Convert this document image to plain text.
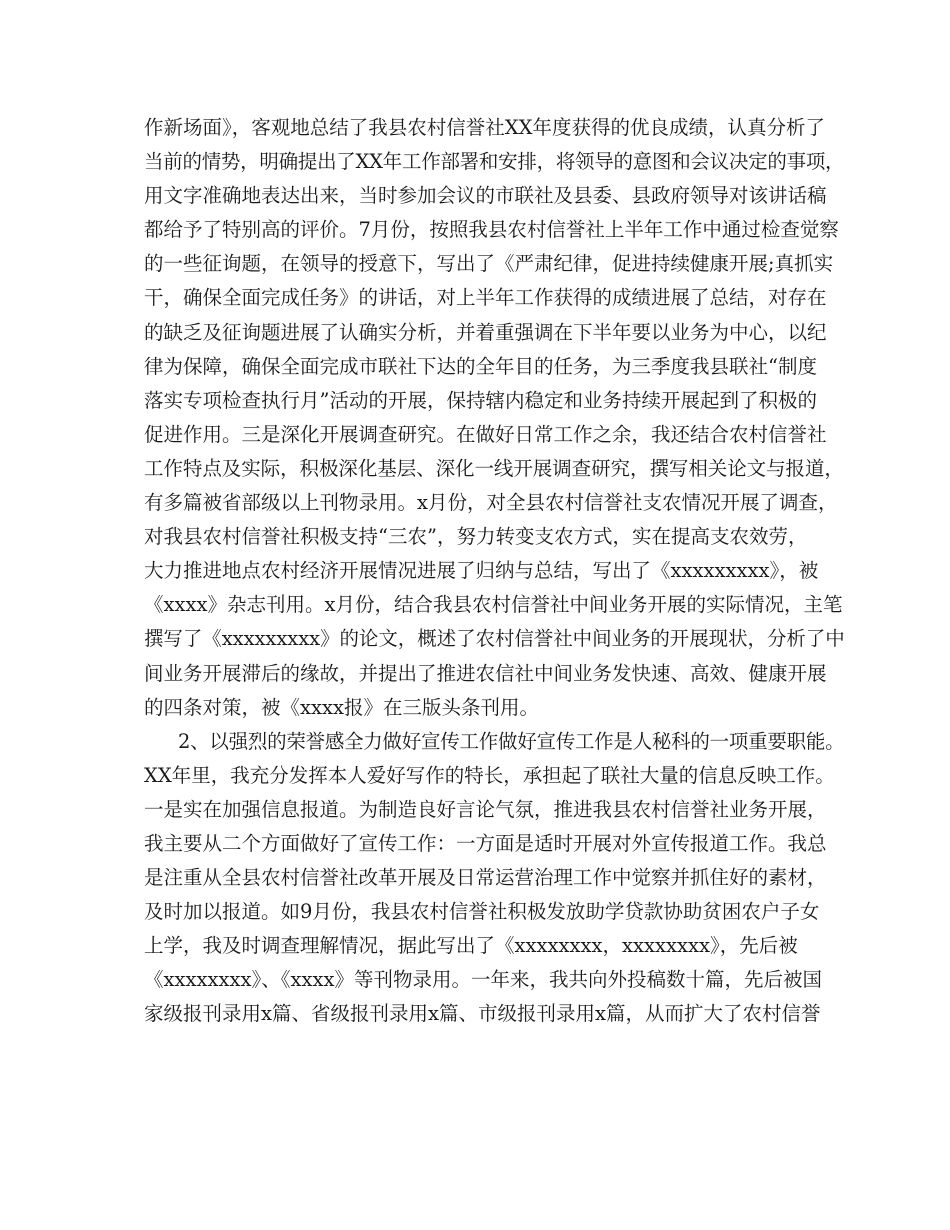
作新场面》，客观地总结了我县农村信誉社XX年度获得的优良成绩，认真分析了
当前的情势，明确提出了XX年工作部署和安排，将领导的意图和会议决定的事项，
用文字准确地表达出来，当时参加会议的市联社及县委、县政府领导对该讲话稿
都给予了特别高的评价。7月份，按照我县农村信誉社上半年工作中通过检查觉察
的一些征询题，在领导的授意下，写出了《严肃纪律，促进持续健康开展;真抓实
干，确保全面完成任务》的讲话，对上半年工作获得的成绩进展了总结，对存在
的缺乏及征询题进展了认确实分析，并着重强调在下半年要以业务为中心，以纪
律为保障，确保全面完成市联社下达的全年目的任务，为三季度我县联社“制度
落实专项检查执行月”活动的开展，保持辖内稳定和业务持续开展起到了积极的
促进作用。三是深化开展调查研究。在做好日常工作之余，我还结合农村信誉社
工作特点及实际，积极深化基层、深化一线开展调查研究，撰写相关论文与报道，
有多篇被省部级以上刊物录用。x月份，对全县农村信誉社支农情况开展了调查，
对我县农村信誉社积极支持“三农”，努力转变支农方式，实在提高支农效劳，
大力推进地点农村经济开展情况进展了归纳与总结，写出了《xxxxxxxxx》，被
《xxxx》杂志刊用。x月份，结合我县农村信誉社中间业务开展的实际情况，主笔
撰写了《xxxxxxxxx》的论文，概述了农村信誉社中间业务的开展现状，分析了中
间业务开展滞后的缘故，并提出了推进农信社中间业务发快速、高效、健康开展
的四条对策，被《xxxx报》在三版头条刊用。
2、以强烈的荣誉感全力做好宣传工作做好宣传工作是人秘科的一项重要职能。
XX年里，我充分发挥本人爱好写作的特长，承担起了联社大量的信息反映工作。
一是实在加强信息报道。为制造良好言论气氛，推进我县农村信誉社业务开展，
我主要从二个方面做好了宣传工作：一方面是适时开展对外宣传报道工作。我总
是注重从全县农村信誉社改革开展及日常运营治理工作中觉察并抓住好的素材，
及时加以报道。如9月份，我县农村信誉社积极发放助学贷款协助贫困农户子女
上学，我及时调查理解情况，据此写出了《xxxxxxxx，xxxxxxxx》，先后被
《xxxxxxxx》、《xxxx》等刊物录用。一年来，我共向外投稿数十篇，先后被国
家级报刊录用x篇、省级报刊录用x篇、市级报刊录用x篇，从而扩大了农村信誉
